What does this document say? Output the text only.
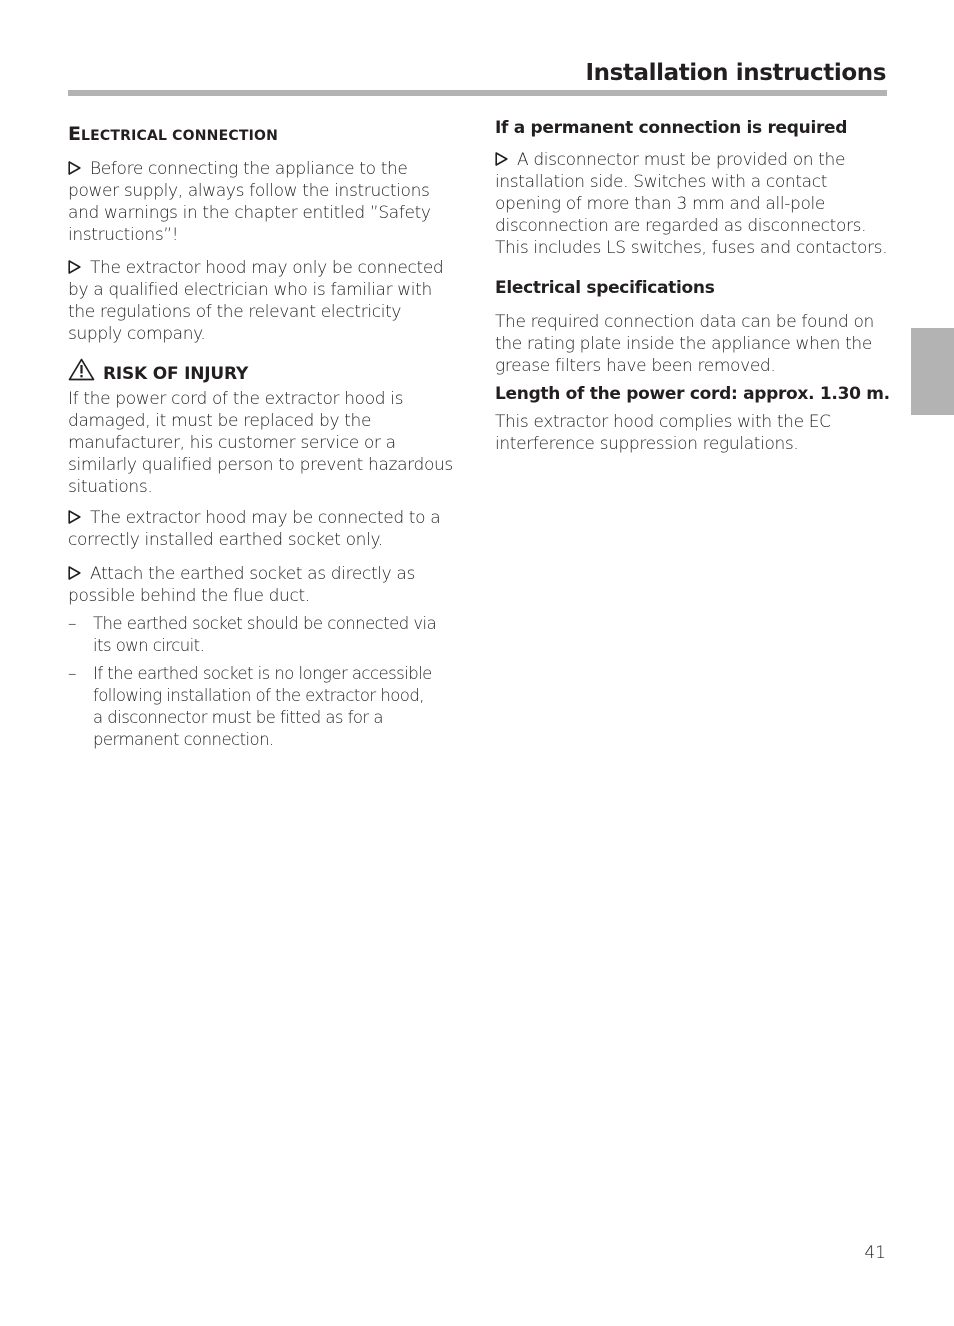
Installation instructions
ELECTRICAL CONNECTION
Before connecting the appliance to the
power supply, always follow the instructions
and warnings in the chapter entitled ”Safety
instructions”!
The extractor hood may only be connected
by a qualified electrician who is familiar with
the regulations of the relevant electricity
supply company.
RISK OF INJURY
If the power cord of the extractor hood is
damaged, it must be replaced by the
manufacturer, his customer service or a
similarly qualified person to prevent hazardous
situations.
The extractor hood may be connected to a
correctly installed earthed socket only.
Attach the earthed socket as directly as
possible behind the flue duct.
–	The earthed socket should be connected via
its own circuit.
–	If the earthed socket is no longer accessible
following installation of the extractor hood,
a disconnector must be fitted as for a
permanent connection.
If a permanent connection is required
A disconnector must be provided on the
installation side. Switches with a contact
opening of more than 3 mm and all-pole
disconnection are regarded as disconnectors.
This includes LS switches, fuses and contactors.
Electrical specifications
The required connection data can be found on
the rating plate inside the appliance when the
grease filters have been removed.
Length of the power cord: approx. 1.30 m.
This extractor hood complies with the EC
interference suppression regulations.
41
